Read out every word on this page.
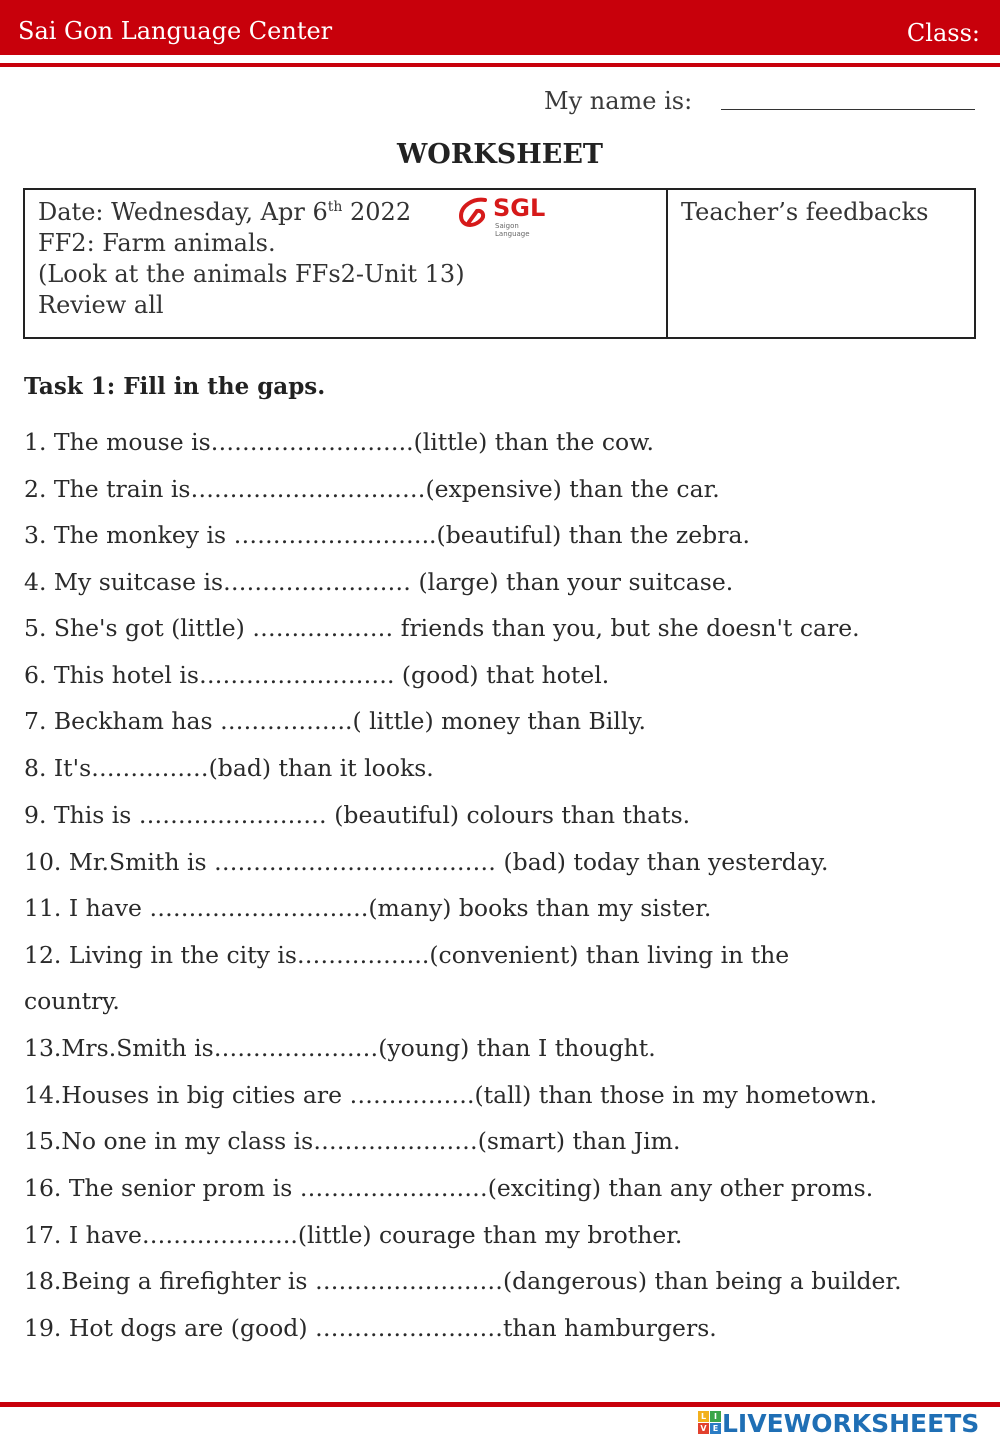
Sai Gon Language Center	Class:
My name is:
WORKSHEET
Date: Wednesday, Apr 6th 2022
FF2: Farm animals.
(Look at the animals FFs2-Unit 13)
Review all
SGL
Saigon Language
Teacher’s feedbacks
Task 1: Fill in the gaps.
1. The mouse is……………………..(little) than the cow.
2. The train is…………………………(expensive) than the car.
3. The monkey is ……………………..(beautiful) than the zebra.
4. My suitcase is…………………… (large) than your suitcase.
5. She's got (little) ……………… friends than you, but she doesn't care.
6. This hotel is……………………. (good) that hotel.
7. Beckham has ……………..( little) money than Billy.
8. It's……………(bad) than it looks.
9. This is …………………… (beautiful) colours than thats.
10. Mr.Smith is ……………………………… (bad) today than yesterday.
11. I have ……………………….(many) books than my sister.
12. Living in the city is……………..(convenient) than living in the
country.
13.Mrs.Smith is…………………(young) than I thought.
14.Houses in big cities are …………….(tall) than those in my hometown.
15.No one in my class is…………………(smart) than Jim.
16. The senior prom is ……………………(exciting) than any other proms.
17. I have………………..(little) courage than my brother.
18.Being a firefighter is ……………………(dangerous) than being a builder.
19. Hot dogs are (good) ……………………than hamburgers.
L I
V E LIVEWORKSHEETS
